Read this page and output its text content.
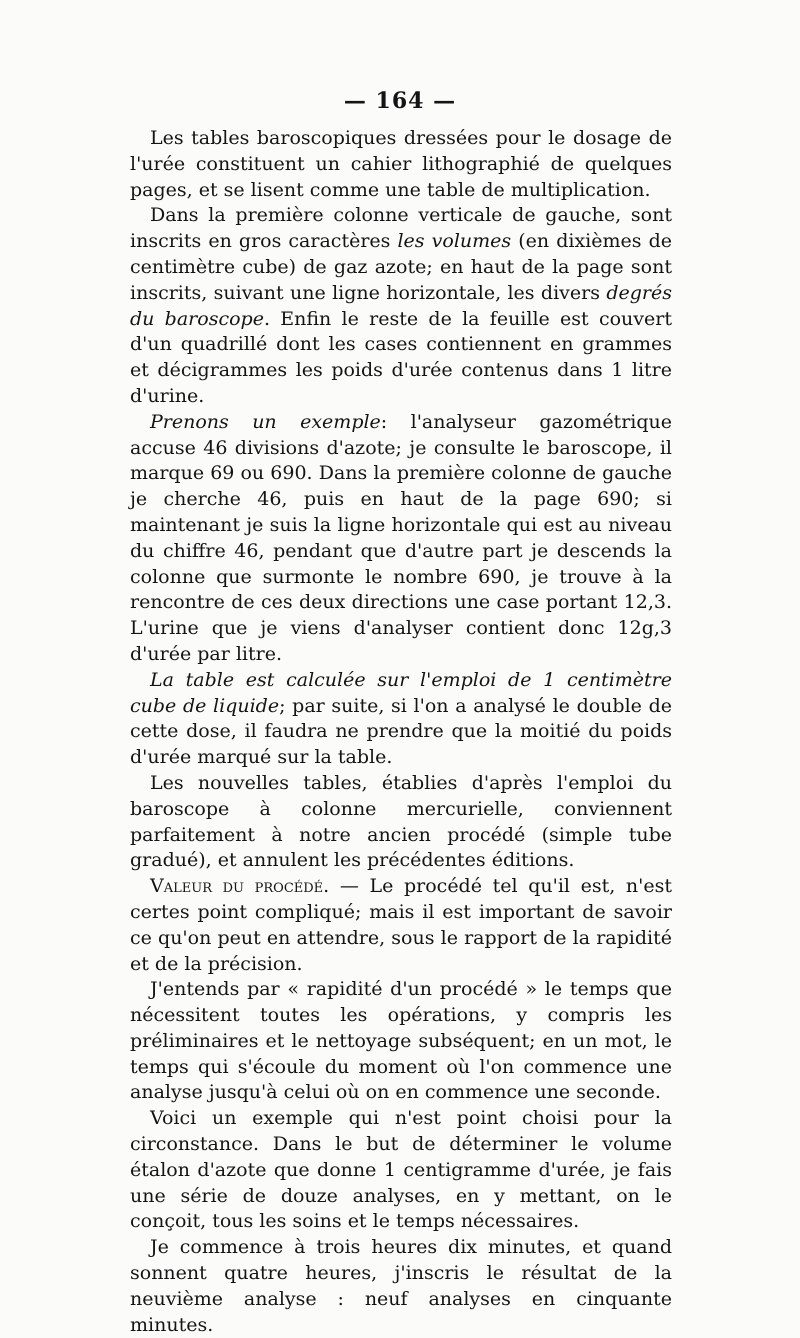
— 164 —

Les tables baroscopiques dressées pour le dosage de l'urée constituent un cahier lithographié de quelques pages, et se lisent comme une table de multiplication.

Dans la première colonne verticale de gauche, sont inscrits en gros caractères les volumes (en dixièmes de centimètre cube) de gaz azote; en haut de la page sont inscrits, suivant une ligne horizontale, les divers degrés du baroscope. Enfin le reste de la feuille est couvert d'un quadrillé dont les cases contiennent en grammes et décigrammes les poids d'urée contenus dans 1 litre d'urine.

Prenons un exemple: l'analyseur gazométrique accuse 46 divisions d'azote; je consulte le baroscope, il marque 69 ou 690. Dans la première colonne de gauche je cherche 46, puis en haut de la page 690; si maintenant je suis la ligne horizontale qui est au niveau du chiffre 46, pendant que d'autre part je descends la colonne que surmonte le nombre 690, je trouve à la rencontre de ces deux directions une case portant 12,3. L'urine que je viens d'analyser contient donc 12g,3 d'urée par litre.

La table est calculée sur l'emploi de 1 centimètre cube de liquide; par suite, si l'on a analysé le double de cette dose, il faudra ne prendre que la moitié du poids d'urée marqué sur la table.

Les nouvelles tables, établies d'après l'emploi du baroscope à colonne mercurielle, conviennent parfaitement à notre ancien procédé (simple tube gradué), et annulent les précédentes éditions.

Valeur du procédé. — Le procédé tel qu'il est, n'est certes point compliqué; mais il est important de savoir ce qu'on peut en attendre, sous le rapport de la rapidité et de la précision.

J'entends par « rapidité d'un procédé » le temps que nécessitent toutes les opérations, y compris les préliminaires et le nettoyage subséquent; en un mot, le temps qui s'écoule du moment où l'on commence une analyse jusqu'à celui où on en commence une seconde.

Voici un exemple qui n'est point choisi pour la circonstance. Dans le but de déterminer le volume étalon d'azote que donne 1 centigramme d'urée, je fais une série de douze analyses, en y mettant, on le conçoit, tous les soins et le temps nécessaires.

Je commence à trois heures dix minutes, et quand sonnent quatre heures, j'inscris le résultat de la neuvième analyse : neuf analyses en cinquante minutes.
